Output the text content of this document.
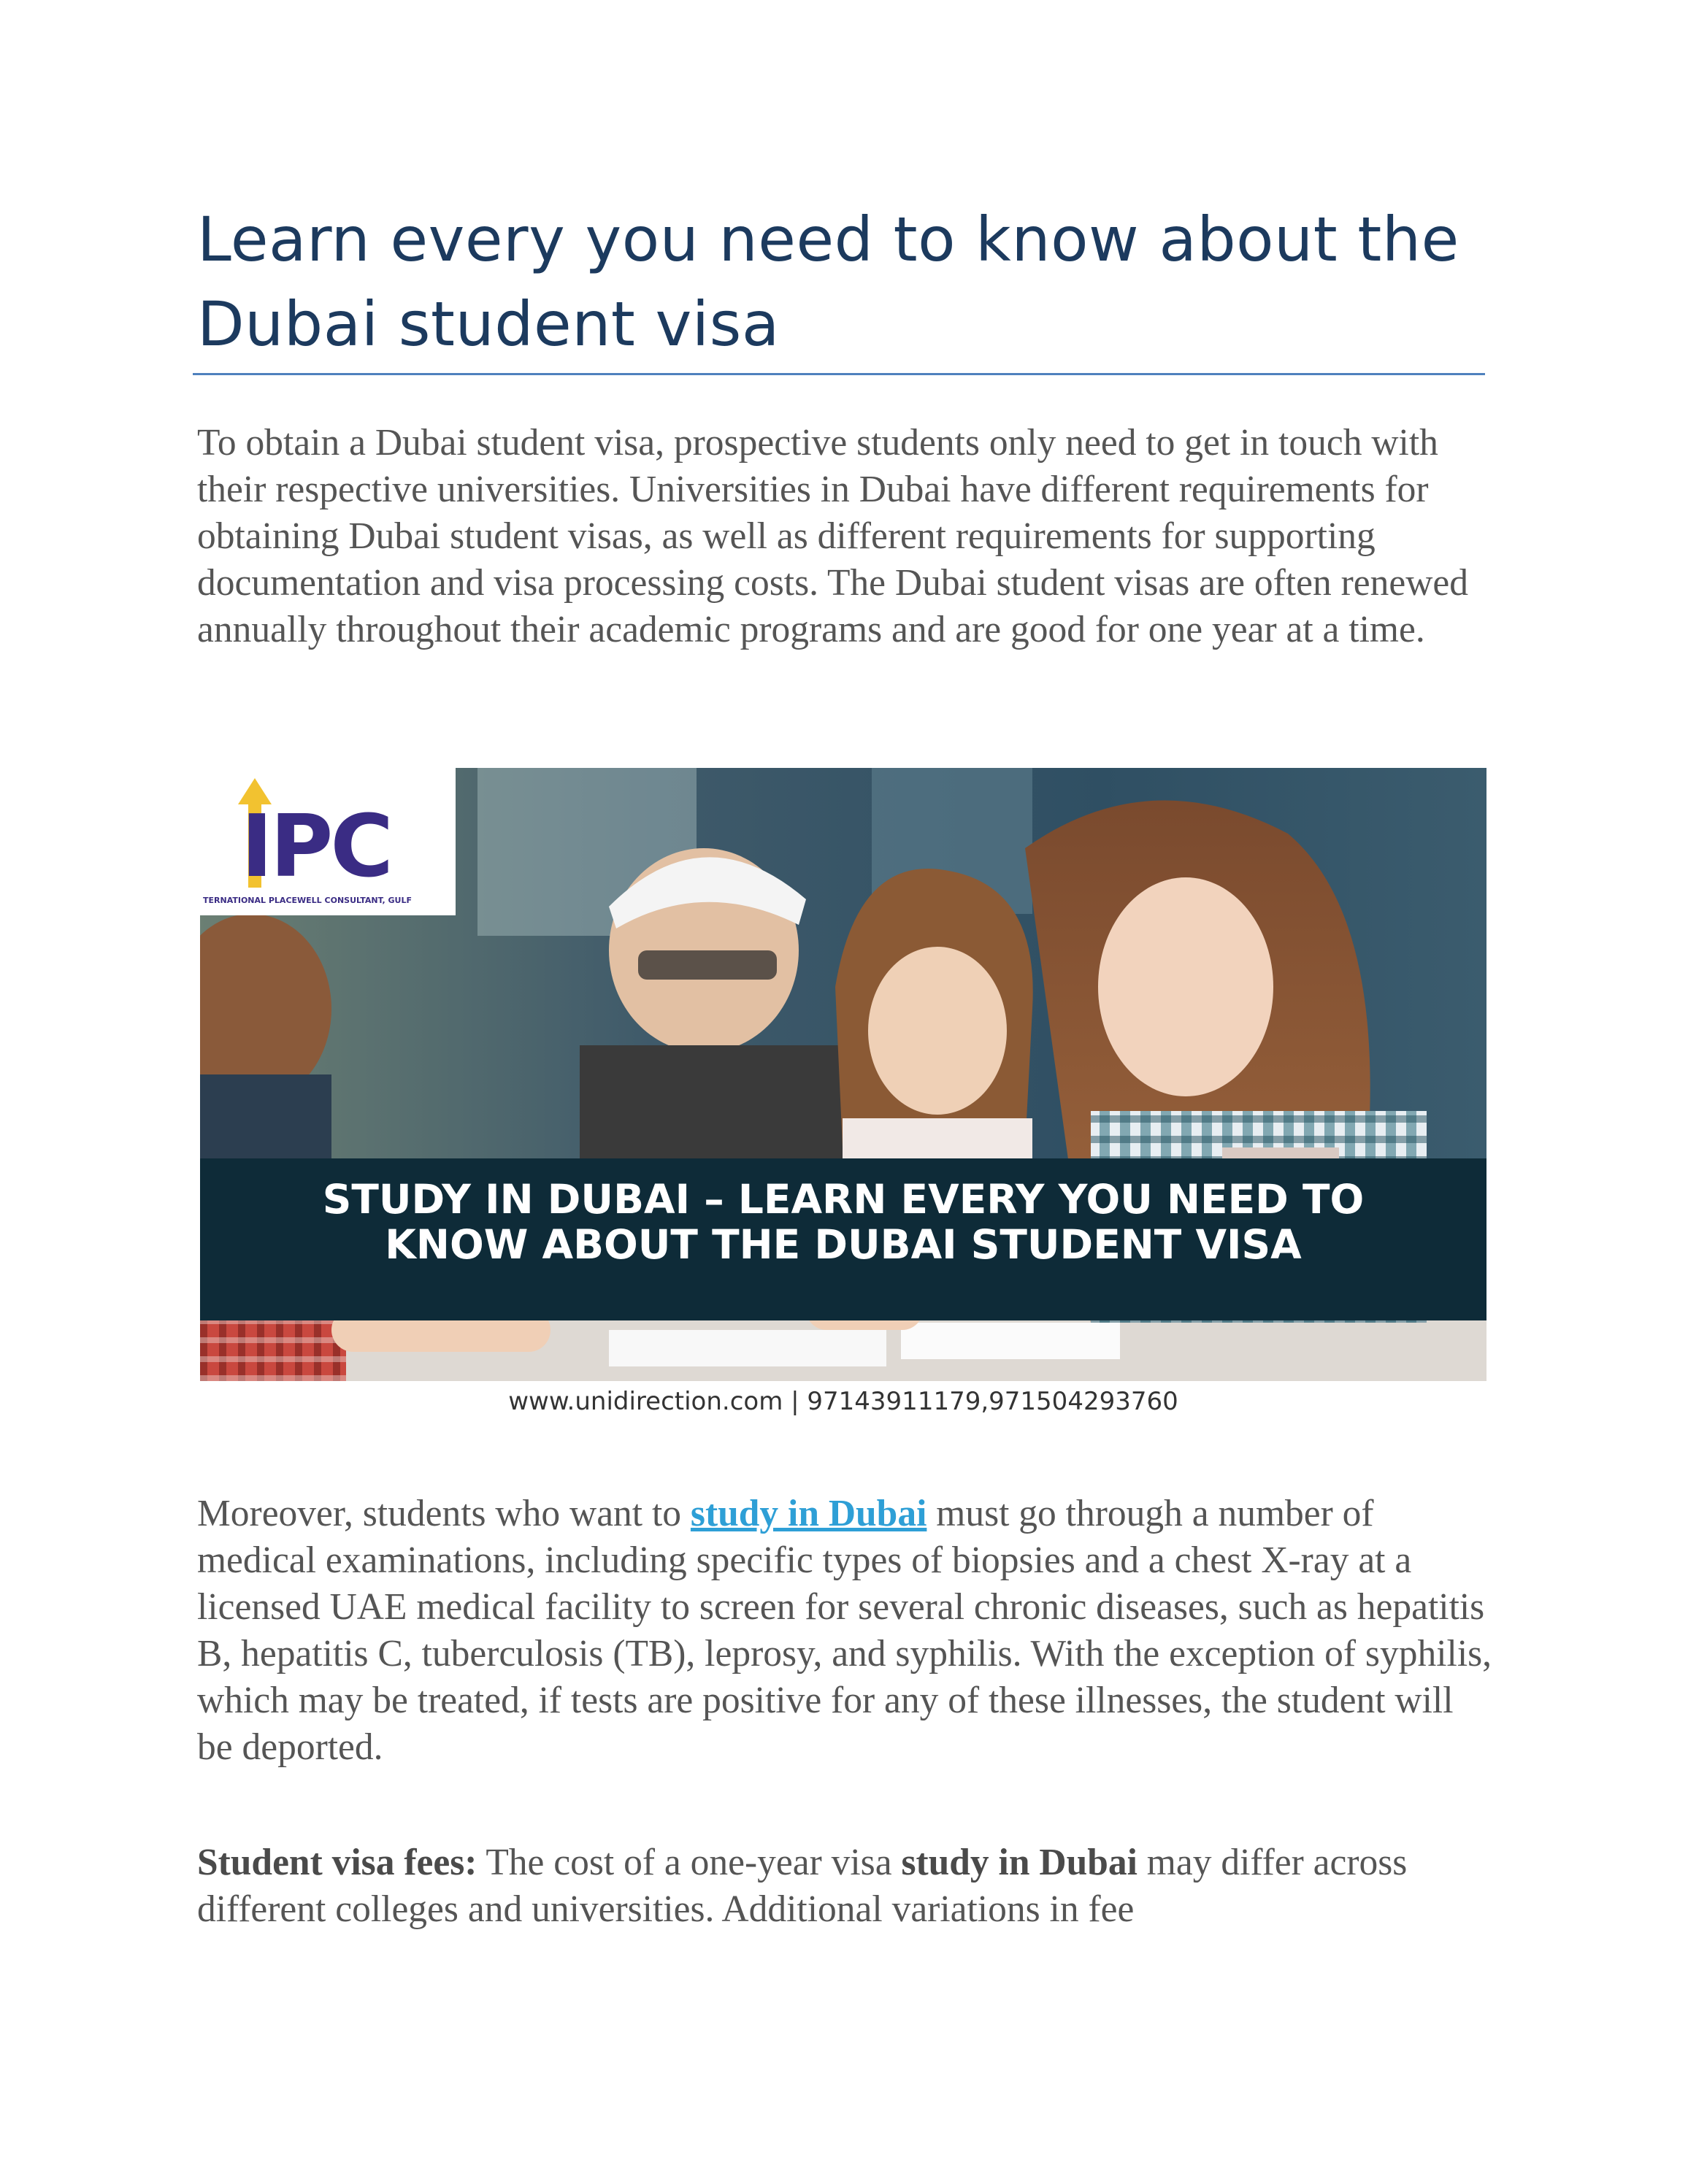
Learn every you need to know about the Dubai student visa

To obtain a Dubai student visa, prospective students only need to get in touch with their respective universities. Universities in Dubai have different requirements for obtaining Dubai student visas, as well as different requirements for supporting documentation and visa processing costs. The Dubai student visas are often renewed annually throughout their academic programs and are good for one year at a time.

IPC
TERNATIONAL PLACEWELL CONSULTANT, GULF
STUDY IN DUBAI – LEARN EVERY YOU NEED TO
KNOW ABOUT THE DUBAI STUDENT VISA
www.unidirection.com | 97143911179,971504293760

Moreover, students who want to study in Dubai must go through a number of medical examinations, including specific types of biopsies and a chest X-ray at a licensed UAE medical facility to screen for several chronic diseases, such as hepatitis B, hepatitis C, tuberculosis (TB), leprosy, and syphilis. With the exception of syphilis, which may be treated, if tests are positive for any of these illnesses, the student will be deported.

Student visa fees: The cost of a one-year visa study in Dubai may differ across different colleges and universities. Additional variations in fee
